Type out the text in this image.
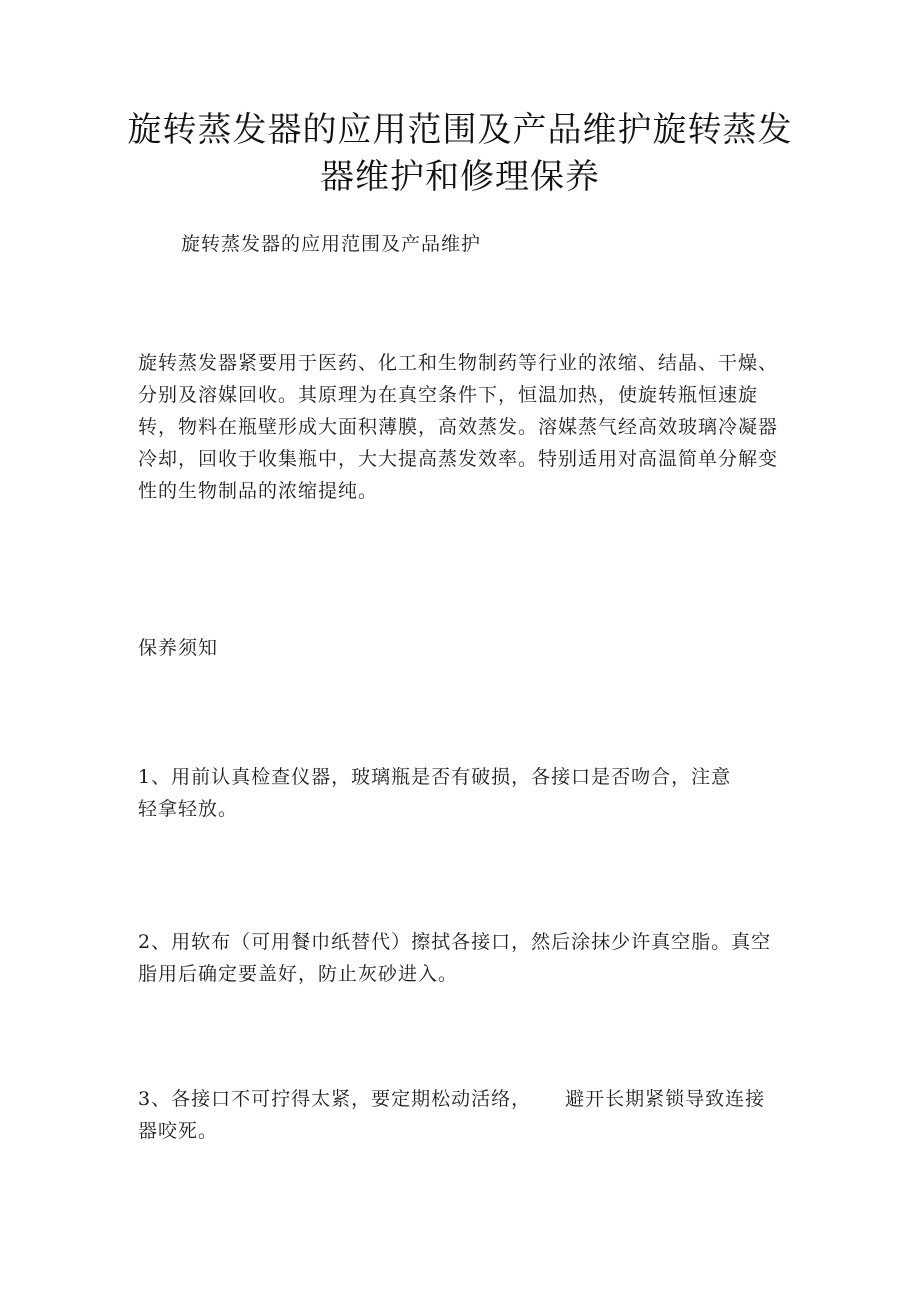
旋转蒸发器的应用范围及产品维护旋转蒸发
器维护和修理保养
旋转蒸发器的应用范围及产品维护
旋转蒸发器紧要用于医药、化工和生物制药等行业的浓缩、结晶、干燥、
分别及溶媒回收。其原理为在真空条件下，恒温加热，使旋转瓶恒速旋
转，物料在瓶壁形成大面积薄膜，高效蒸发。溶媒蒸气经高效玻璃冷凝器
冷却，回收于收集瓶中，大大提高蒸发效率。特别适用对高温简单分解变
性的生物制品的浓缩提纯。
保养须知
1、用前认真检查仪器，玻璃瓶是否有破损，各接口是否吻合，注意
轻拿轻放。
2、用软布（可用餐巾纸替代）擦拭各接口，然后涂抹少许真空脂。真空
脂用后确定要盖好，防止灰砂进入。
3、各接口不可拧得太紧，要定期松动活络， 避开长期紧锁导致连接
器咬死。
